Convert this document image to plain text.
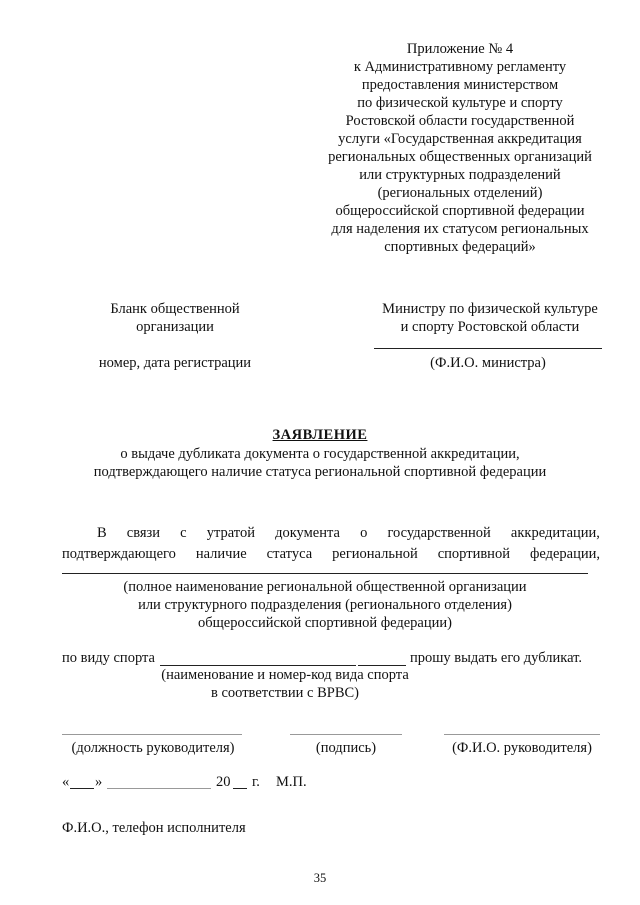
Приложение № 4
к Административному регламенту
предоставления министерством
по физической культуре и спорту
Ростовской области государственной
услуги «Государственная аккредитация
региональных общественных организаций
или структурных подразделений
(региональных отделений)
общероссийской спортивной федерации
для наделения их статусом региональных
спортивных федераций»
Бланк общественной
организации
номер, дата регистрации
Министру по физической культуре
и спорту Ростовской области
(Ф.И.О. министра)
ЗАЯВЛЕНИЕ
о выдаче дубликата документа о государственной аккредитации,
подтверждающего наличие статуса региональной спортивной федерации
В связи с утратой документа о государственной аккредитации,
подтверждающего наличие статуса региональной спортивной федерации,
(полное наименование региональной общественной организации
или структурного подразделения (регионального отделения)
общероссийской спортивной федерации)
по виду спорта	прошу выдать его дубликат.
(наименование и номер-код вида спорта
в соответствии с ВРВС)
(должность руководителя)	(подпись)	(Ф.И.О. руководителя)
« »	20 г. М.П.
Ф.И.О., телефон исполнителя
35
